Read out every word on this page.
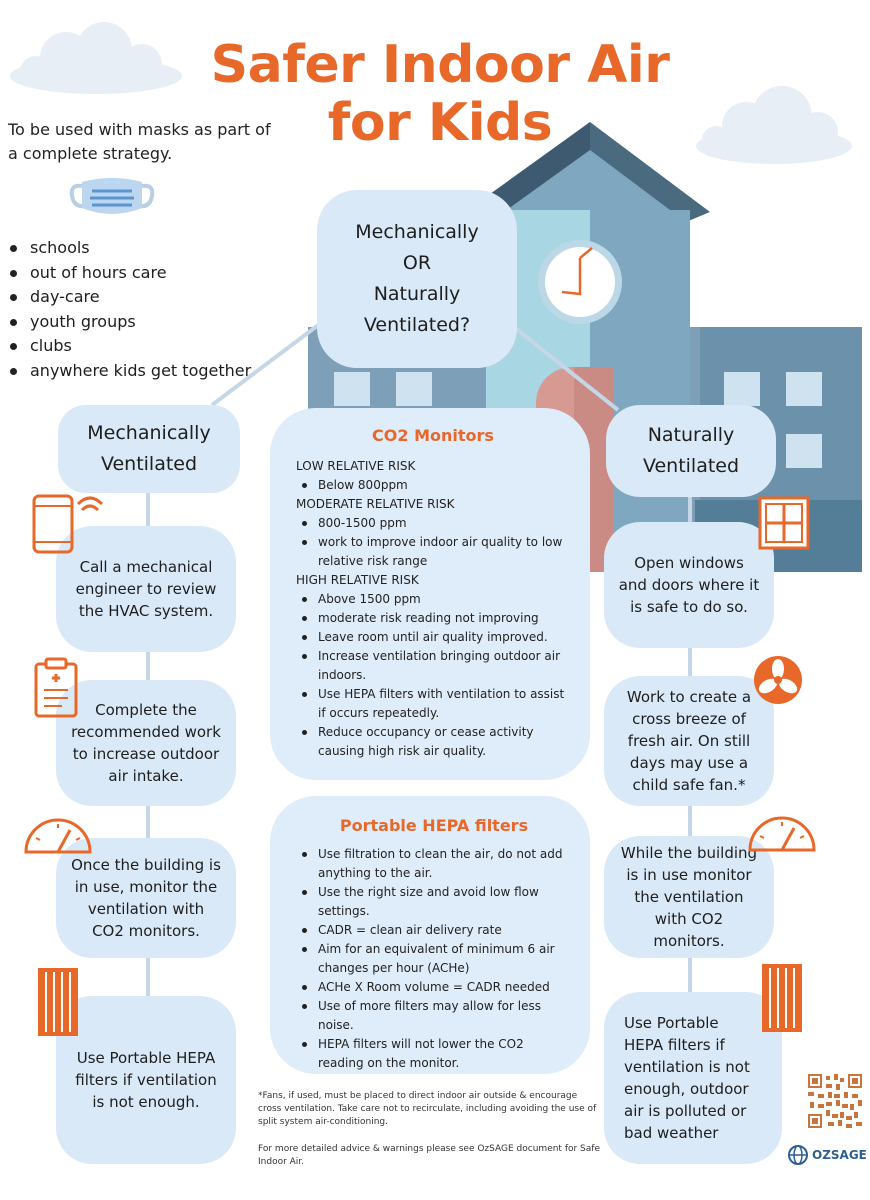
Safer Indoor Air
for Kids
To be used with masks as part of a complete strategy.
schools
out of hours care
day-care
youth groups
clubs
anywhere kids get together
Mechanically
OR
Naturally
Ventilated?
Mechanically
Ventilated
Naturally
Ventilated
Call a mechanical engineer to review the HVAC system.
Complete the recommended work to increase outdoor air intake.
Once the building is in use, monitor the ventilation with CO2 monitors.
Use Portable HEPA filters if ventilation is not enough.
Open windows and doors where it is safe to do so.
Work to create a cross breeze of fresh air. On still days may use a child safe fan.*
While the building is in use monitor the ventilation with CO2 monitors.
Use Portable HEPA filters if ventilation is not enough, outdoor air is polluted or bad weather
CO2 Monitors

LOW RELATIVE RISK

Below 800ppm

MODERATE RELATIVE RISK

800-1500 ppm
work to improve indoor air quality to low relative risk range

HIGH RELATIVE RISK

Above 1500 ppm
moderate risk reading not improving
Leave room until air quality improved.
Increase ventilation bringing outdoor air indoors.
Use HEPA filters with ventilation to assist if occurs repeatedly.
Reduce occupancy or cease activity causing high risk air quality.
Portable HEPA filters
Use filtration to clean the air, do not add anything to the air.
Use the right size and avoid low flow settings.
CADR = clean air delivery rate
Aim for an equivalent of minimum 6 air changes per hour (ACHe)
ACHe X Room volume = CADR needed
Use of more filters may allow for less noise.
HEPA filters will not lower the CO2 reading on the monitor.

*Fans, if used, must be placed to direct indoor air outside & encourage cross ventilation. Take care not to recirculate, including avoiding the use of split system air-conditioning.

For more detailed advice & warnings please see OzSAGE document for Safe Indoor Air.	OZSAGE
